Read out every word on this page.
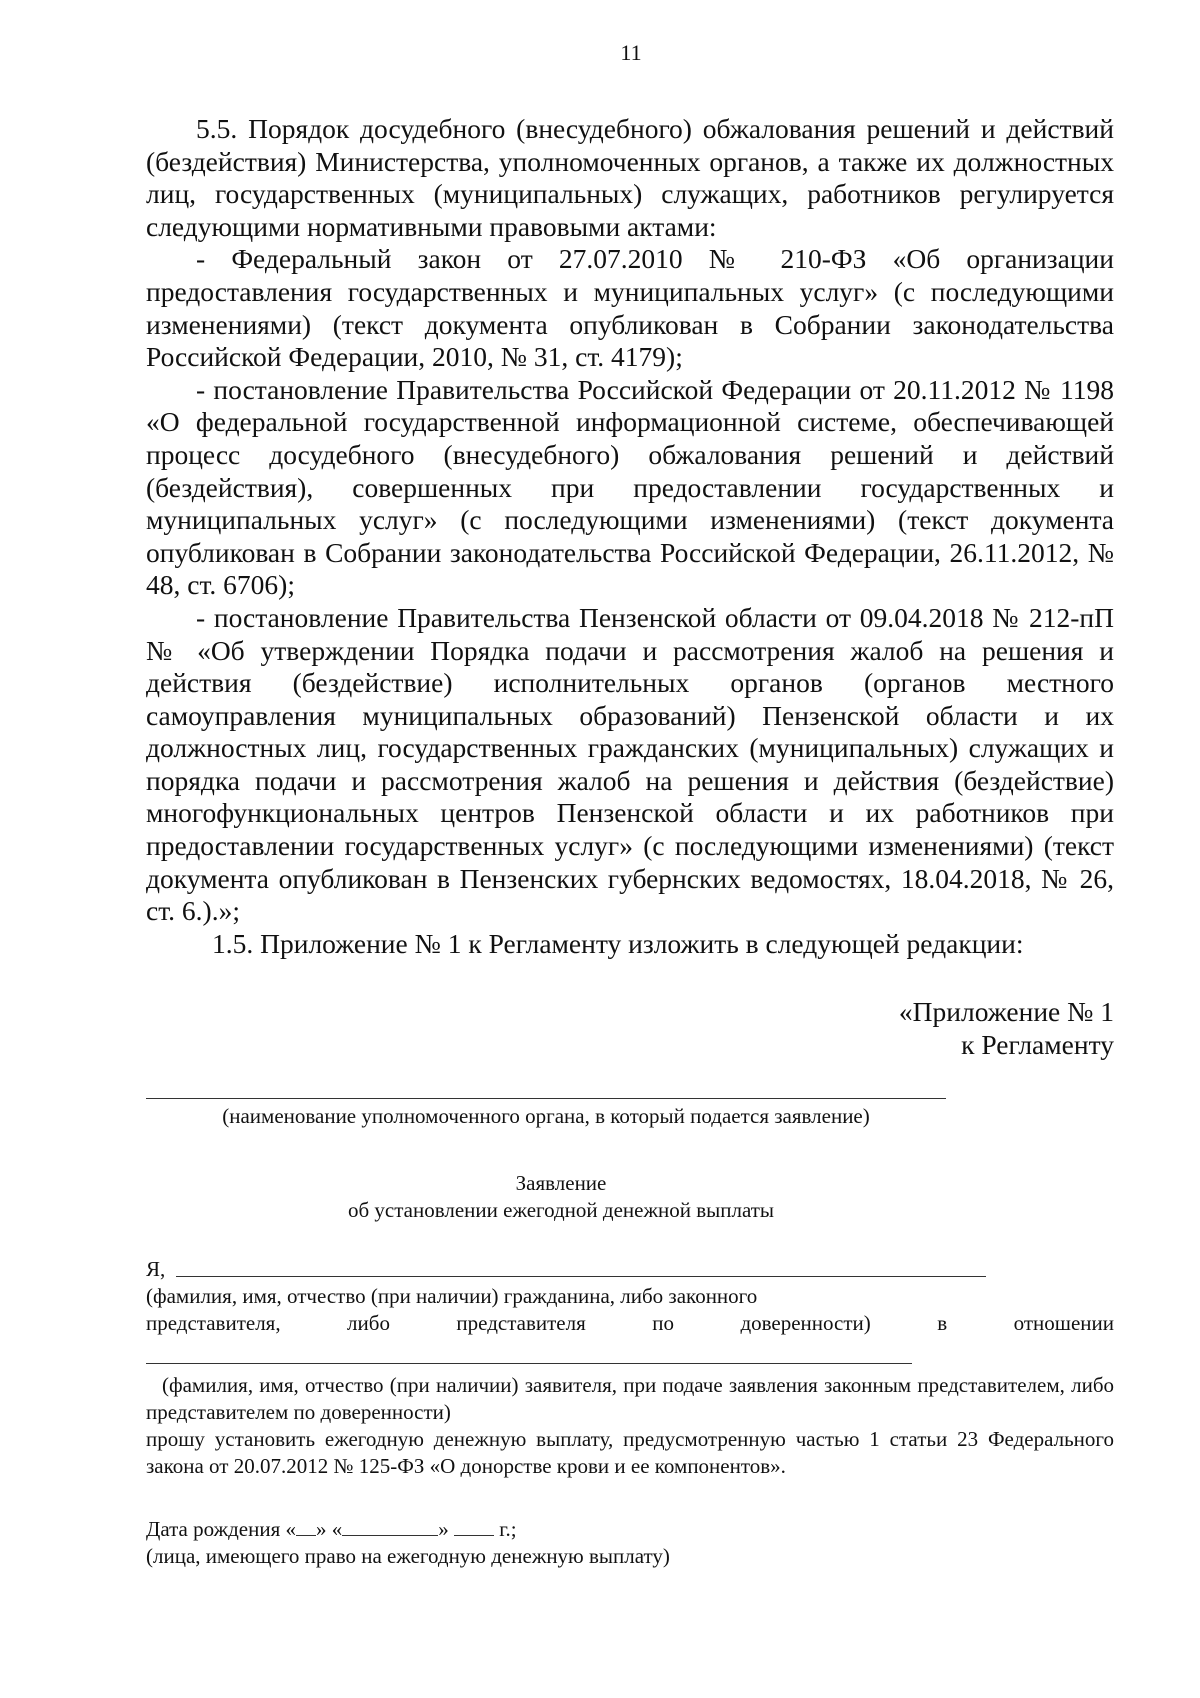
11

5.5. Порядок досудебного (внесудебного) обжалования решений и действий (бездействия) Министерства, уполномоченных органов, а также их должностных лиц, государственных (муниципальных) служащих, работников регулируется следующими нормативными правовыми актами:

- Федеральный закон от 27.07.2010 № 210-ФЗ «Об организации предоставления государственных и муниципальных услуг» (с последующими изменениями) (текст документа опубликован в Собрании законодательства Российской Федерации, 2010, № 31, ст. 4179);

- постановление Правительства Российской Федерации от 20.11.2012 № 1198 «О федеральной государственной информационной системе, обеспечивающей процесс досудебного (внесудебного) обжалования решений и действий (бездействия), совершенных при предоставлении государственных и муниципальных услуг» (с последующими изменениями) (текст документа опубликован в Собрании законодательства Российской Федерации, 26.11.2012, № 48, ст. 6706);

- постановление Правительства Пензенской области от 09.04.2018 № 212-пП № «Об утверждении Порядка подачи и рассмотрения жалоб на решения и действия (бездействие) исполнительных органов (органов местного самоуправления муниципальных образований) Пензенской области и их должностных лиц, государственных гражданских (муниципальных) служащих и порядка подачи и рассмотрения жалоб на решения и действия (бездействие) многофункциональных центров Пензенской области и их работников при предоставлении государственных услуг» (с последующими изменениями) (текст документа опубликован в Пензенских губернских ведомостях, 18.04.2018, № 26, ст. 6.).»;

1.5. Приложение № 1 к Регламенту изложить в следующей редакции:

«Приложение № 1
к Регламенту
(наименование уполномоченного органа, в который подается заявление)
Заявление
об установлении ежегодной денежной выплаты
Я,

(фамилия, имя, отчество (при наличии) гражданина, либо законного

представителя, либо представителя по доверенности) в отношении

(фамилия, имя, отчество (при наличии) заявителя, при подаче заявления законным представителем, либо представителем по доверенности)

прошу установить ежегодную денежную выплату, предусмотренную частью 1 статьи 23 Федерального закона от 20.07.2012 № 125-ФЗ «О донорстве крови и ее компонентов».

Дата рождения « » «	» г.;

(лица, имеющего право на ежегодную денежную выплату)
